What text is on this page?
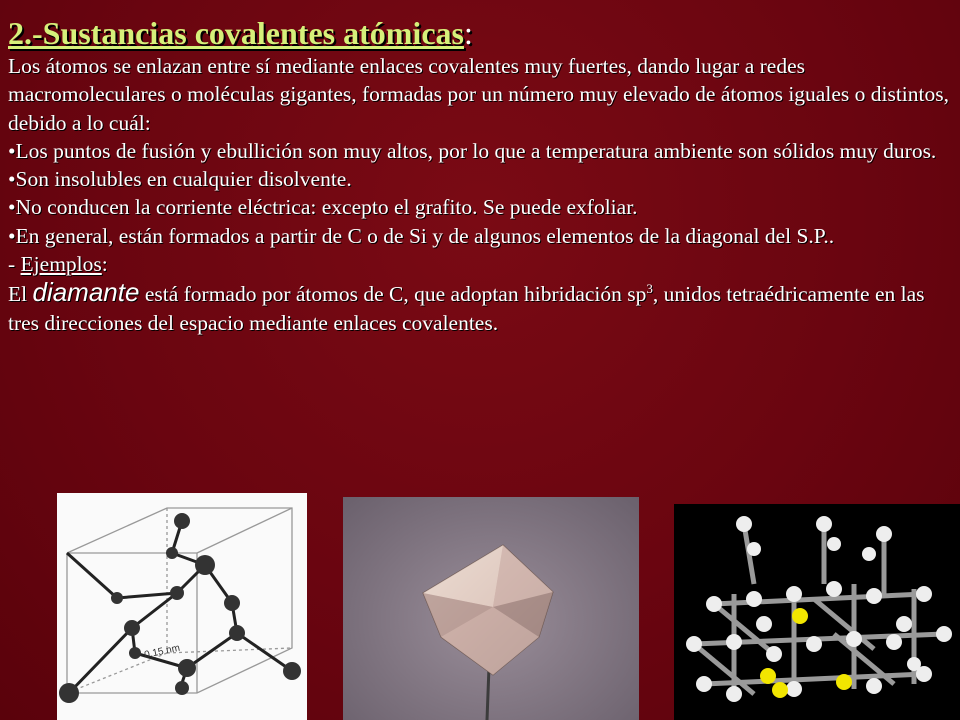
2.-Sustancias covalentes atómicas:

Los átomos se enlazan entre sí mediante enlaces covalentes muy fuertes, dando lugar a redes macromoleculares o moléculas gigantes, formadas por un número muy elevado de átomos iguales o distintos, debido a lo cuál:

•Los puntos de fusión y ebullición son muy altos, por lo que a temperatura ambiente son sólidos muy duros.

•Son insolubles en cualquier disolvente.

•No conducen la corriente eléctrica: excepto el grafito. Se puede exfoliar.

•En general, están formados a partir de C o de Si y de algunos elementos de la diagonal del S.P..

- Ejemplos:

El diamante está formado por átomos de C, que adoptan hibridación $sp^3$, unidos tetraédricamente en las tres direcciones del espacio mediante enlaces covalentes.

0,15 nm
